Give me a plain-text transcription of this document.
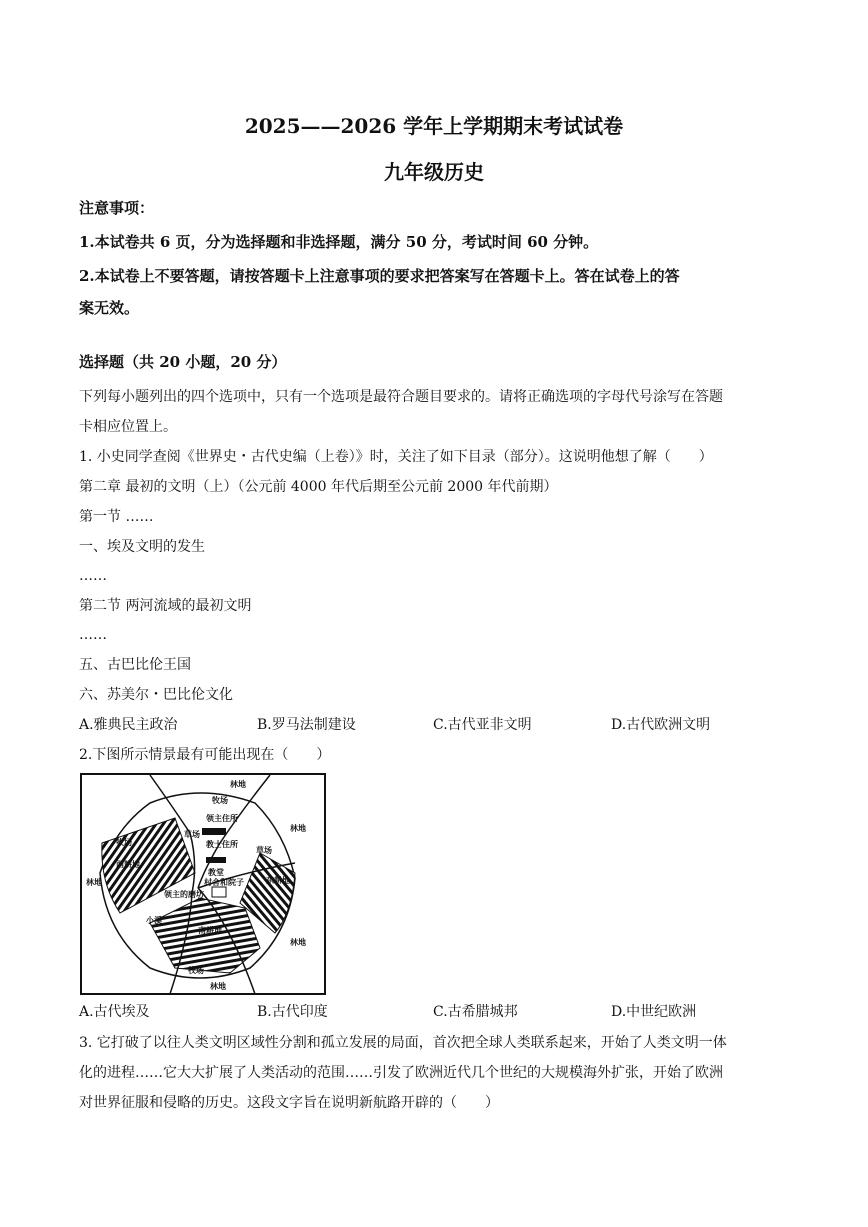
2025——2026 学年上学期期末考试试卷
九年级历史
注意事项：
1.本试卷共 6 页，分为选择题和非选择题，满分 50 分，考试时间 60 分钟。
2.本试卷上不要答题，请按答题卡上注意事项的要求把答案写在答题卡上。答在试卷上的答
案无效。
选择题（共 20 小题，20 分）
下列每小题列出的四个选项中，只有一个选项是最符合题目要求的。请将正确选项的字母代号涂写在答题
卡相应位置上。
1. 小史同学查阅《世界史・古代史编（上卷）》时，关注了如下目录（部分）。这说明他想了解（　　）
第二章 最初的文明（上）（公元前 4000 年代后期至公元前 2000 年代前期）
第一节 ……
一、埃及文明的发生
……
第二节 两河流域的最初文明
……
五、古巴比伦王国
六、苏美尔・巴比伦文化
A.雅典民主政治	B.罗马法制建设	C.古代亚非文明	D.古代欧洲文明
2.下图所示情景最有可能出现在（　　）
林地
牧场
领主住所
草场
林地
教士住所
草场
教堂
牧场
西耕地
林地
领主的磨坊
村舍和院子	东耕地
小溪
南耕地
林地
牧场
林地
A.古代埃及	B.古代印度	C.古希腊城邦	D.中世纪欧洲
3. 它打破了以往人类文明区域性分割和孤立发展的局面，首次把全球人类联系起来，开始了人类文明一体
化的进程……它大大扩展了人类活动的范围……引发了欧洲近代几个世纪的大规模海外扩张，开始了欧洲
对世界征服和侵略的历史。这段文字旨在说明新航路开辟的（　　）
